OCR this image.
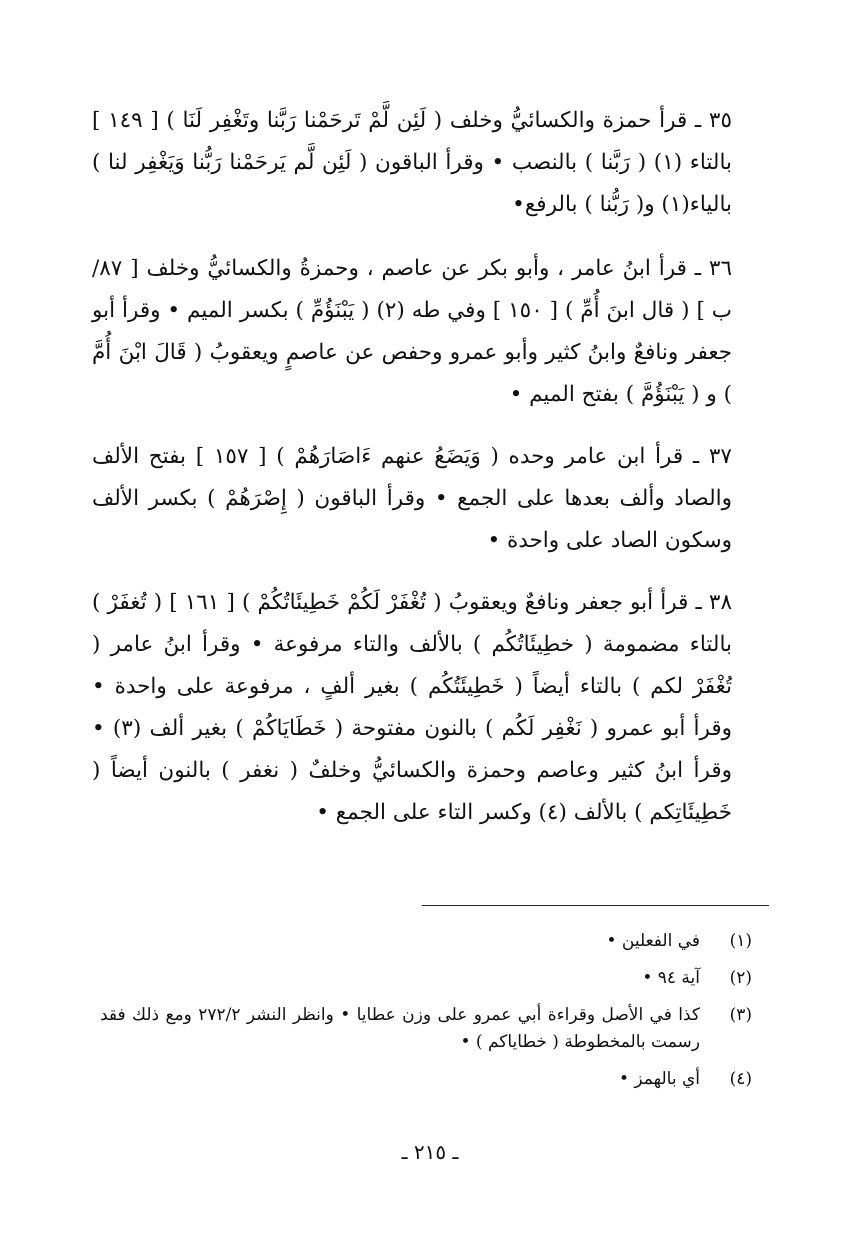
٣٥ ـ قرأ حمزة والكسائيُّ وخلف ( لَئِن لَّمْ تَرحَمْنا رَبَّنا وتَغْفِر لَنَا ) [ ١٤٩ ] بالتاء (١) ( رَبَّنا ) بالنصب • وقرأ الباقون ( لَئِن لَّم يَرحَمْنا رَبُّنا وَيَغْفِر لنا ) بالياء(١) و( رَبُّنا ) بالرفع•

٣٦ ـ قرأ ابنُ عامر ، وأبو بكر عن عاصم ، وحمزةُ والكسائيُّ وخلف [ ٨٧/ب ] ( قال ابنَ أُمِّ ) [ ١٥٠ ] وفي طه (٢) ( يَبْنَؤُمِّ ) بكسر الميم • وقرأ أبو جعفر ونافعٌ وابنُ كثير وأبو عمرو وحفص عن عاصمٍ ويعقوبُ ( قَالَ ابْنَ أُمَّ ) و ( يَبْنَؤُمَّ ) بفتح الميم •

٣٧ ـ قرأ ابن عامر وحده ( وَيَضَعُ عنهم ءَاصَارَهُمْ ) [ ١٥٧ ] بفتح الألف والصاد وألف بعدها على الجمع • وقرأ الباقون ( إِصْرَهُمْ ) بكسر الألف وسكون الصاد على واحدة •

٣٨ ـ قرأ أبو جعفر ونافعٌ ويعقوبُ ( تُغْفَرْ لَكُمْ خَطِيئَاتُكُمْ ) [ ١٦١ ] ( تُغفَرْ ) بالتاء مضمومة ( خطِيئَاتُكُم ) بالألف والتاء مرفوعة • وقرأ ابنُ عامر ( تُغْفَرْ لكم ) بالتاء أيضاً ( خَطِيئَتُكُم ) بغير ألفٍ ، مرفوعة على واحدة • وقرأ أبو عمرو ( نَغْفِر لَكُم ) بالنون مفتوحة ( خَطَايَاكُمْ ) بغير ألف (٣) • وقرأ ابنُ كثير وعاصم وحمزة والكسائيُّ وخلفٌ ( نغفر ) بالنون أيضاً ( خَطِيئَاتِكم ) بالألف (٤) وكسر التاء على الجمع •

(١)
في الفعلين •
(٢)
آية ٩٤ •
(٣)
كذا في الأصل وقراءة أبي عمرو على وزن عطايا • وانظر النشر ٢٧٢/٢ ومع ذلك فقد رسمت بالمخطوطة ( خطاياكم ) •
(٤)
أي بالهمز •
ـ ٢١٥ ـ
